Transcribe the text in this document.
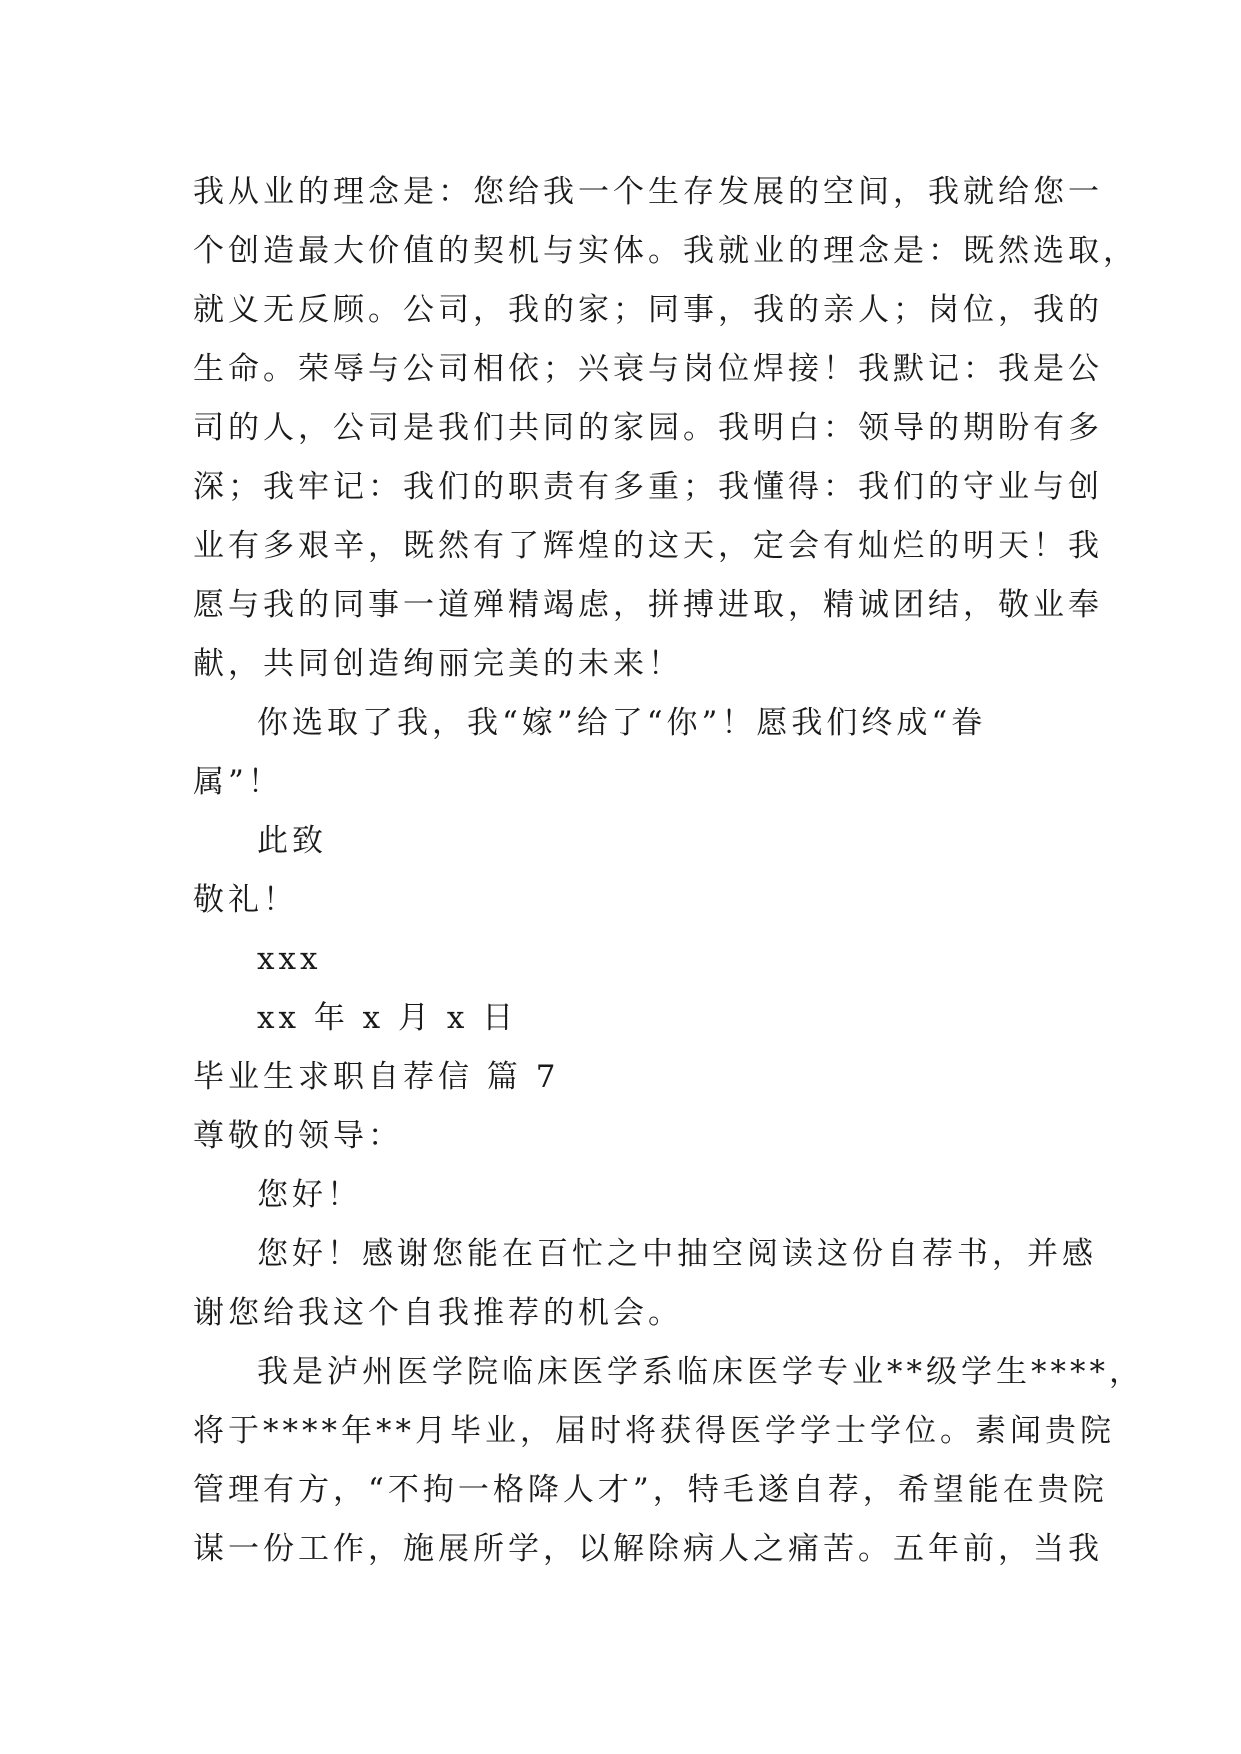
我从业的理念是：您给我一个生存发展的空间，我就给您一
个创造最大价值的契机与实体。我就业的理念是：既然选取，
就义无反顾。公司，我的家；同事，我的亲人；岗位，我的
生命。荣辱与公司相依；兴衰与岗位焊接！我默记：我是公
司的人，公司是我们共同的家园。我明白：领导的期盼有多
深；我牢记：我们的职责有多重；我懂得：我们的守业与创
业有多艰辛，既然有了辉煌的这天，定会有灿烂的明天！我
愿与我的同事一道殚精竭虑，拼搏进取，精诚团结，敬业奉
献，共同创造绚丽完美的未来！
你选取了我，我“嫁”给了“你”！愿我们终成“眷
属”！
此致
敬礼！
xxx
xx 年 x 月 x 日
毕业生求职自荐信 篇 7
尊敬的领导：
您好！
您好！感谢您能在百忙之中抽空阅读这份自荐书，并感
谢您给我这个自我推荐的机会。
我是泸州医学院临床医学系临床医学专业**级学生****，
将于****年**月毕业，届时将获得医学学士学位。素闻贵院
管理有方，“不拘一格降人才”，特毛遂自荐，希望能在贵院
谋一份工作，施展所学，以解除病人之痛苦。五年前，当我
